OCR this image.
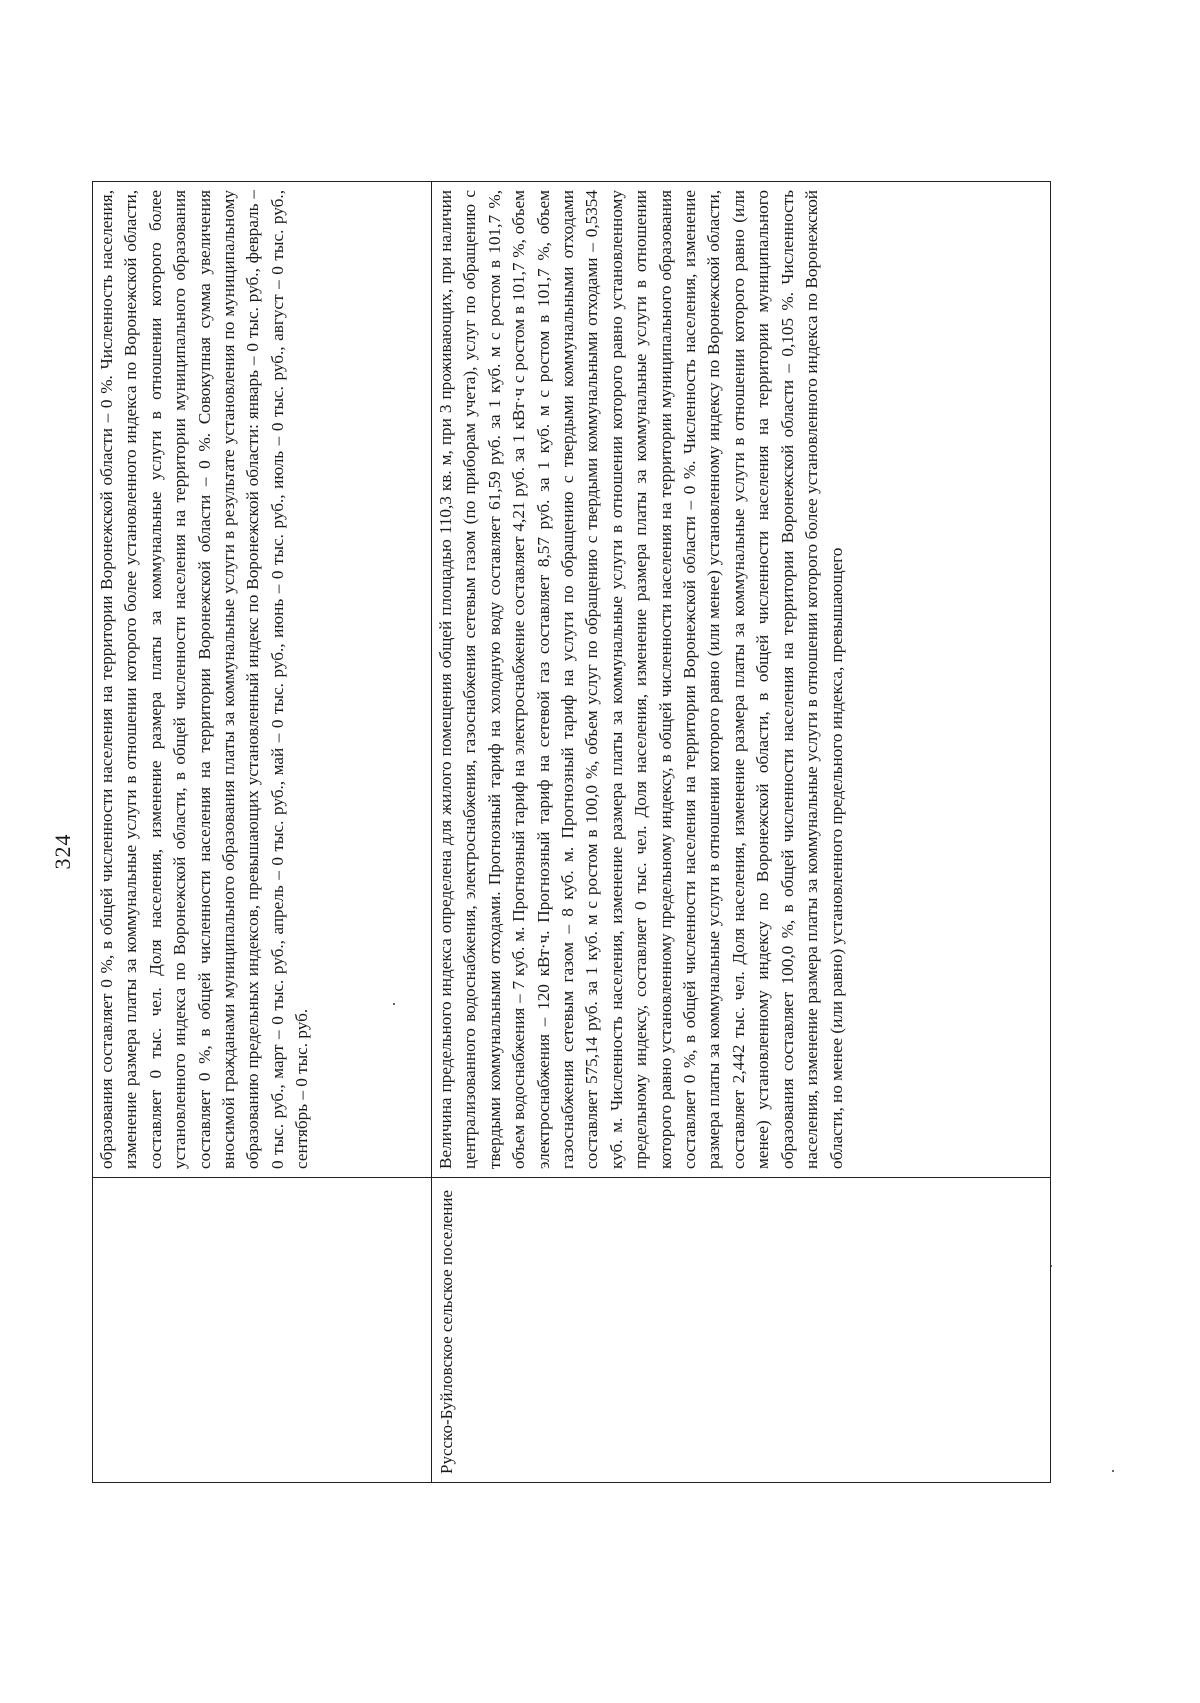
324 образования составляет 0 %, в общей численности населения на территории Воронежской области – 0 %. Численность населения, изменение размера платы за коммунальные услуги в отношении которого более установленного индекса по Воронежской области, составляет 0 тыс. чел. Доля населения, изменение размера платы за коммунальные услуги в отношении которого более установленного индекса по Воронежской области, в общей численности населения на территории муниципального образования составляет 0 %, в общей численности населения на территории Воронежской области – 0 %. Совокупная сумма увеличения вносимой гражданами муниципального образования платы за коммунальные услуги в результате установления по муниципальному образованию предельных индексов, превышающих установленный индекс по Воронежской области: январь – 0 тыс. руб., февраль – 0 тыс. руб., март – 0 тыс. руб., апрель – 0 тыс. руб., май – 0 тыс. руб., июнь – 0 тыс. руб., июль – 0 тыс. руб., август – 0 тыс. руб., сентябрь – 0 тыс. руб.
Русско-Буйловское сельское поселение
Величина предельного индекса определена для жилого помещения общей площадью 110,3 кв. м, при 3 проживающих, при наличии централизованного водоснабжения, электроснабжения, газоснабжения сетевым газом (по приборам учета), услуг по обращению с твердыми коммунальными отходами. Прогнозный тариф на холодную воду составляет 61,59 руб. за 1 куб. м с ростом в 101,7 %, объем водоснабжения – 7 куб. м. Прогнозный тариф на электроснабжение составляет 4,21 руб. за 1 кВт·ч с ростом в 101,7 %, объем электроснабжения – 120 кВт·ч. Прогнозный тариф на сетевой газ составляет 8,57 руб. за 1 куб. м с ростом в 101,7 %, объем газоснабжения сетевым газом – 8 куб. м. Прогнозный тариф на услуги по обращению с твердыми коммунальными отходами составляет 575,14 руб. за 1 куб. м с ростом в 100,0 %, объем услуг по обращению с твердыми коммунальными отходами – 0,5354 куб. м. Численность населения, изменение размера платы за коммунальные услуги в отношении которого равно установленному предельному индексу, составляет 0 тыс. чел. Доля населения, изменение размера платы за коммунальные услуги в отношении которого равно установленному предельному индексу, в общей численности населения на территории муниципального образования составляет 0 %, в общей численности населения на территории Воронежской области – 0 %. Численность населения, изменение размера платы за коммунальные услуги в отношении которого равно (или менее) установленному индексу по Воронежской области, составляет 2,442 тыс. чел. Доля населения, изменение размера платы за коммунальные услуги в отношении которого равно (или менее) установленному индексу по Воронежской области, в общей численности населения на территории муниципального образования составляет 100,0 %, в общей численности населения на территории Воронежской области – 0,105 %. Численность населения, изменение размера платы за коммунальные услуги в отношении которого более установленного индекса по Воронежской области, но менее (или равно) установленного предельного индекса, превышающего
